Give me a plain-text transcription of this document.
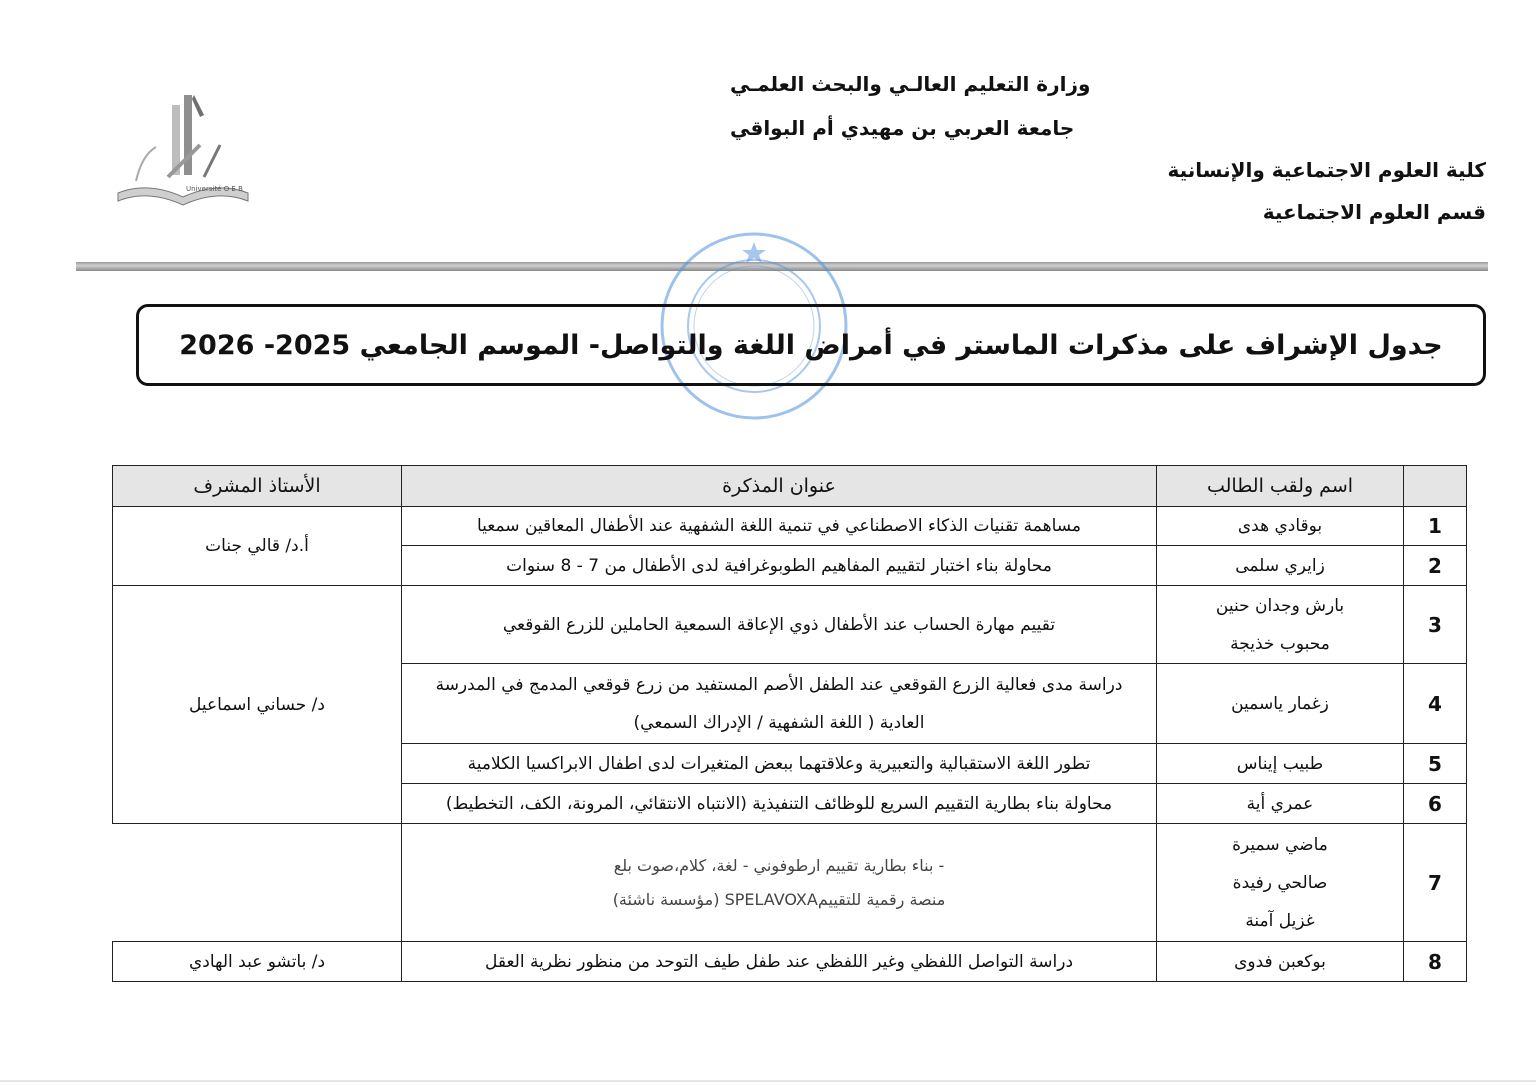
وزارة التعليم العالـي والبحث العلمـي
جامعة العربي بن مهيدي أم البواقي
كلية العلوم الاجتماعية والإنسانية
قسم العلوم الاجتماعية
Université O E B
جدول الإشراف على مذكرات الماستر في أمراض اللغة والتواصل- الموسم الجامعي 2025- 2026
	اسم ولقب الطالب	عنوان المذكرة	الأستاذ المشرف
1	بوقادي هدى	مساهمة تقنيات الذكاء الاصطناعي في تنمية اللغة الشفهية عند الأطفال المعاقين سمعيا	أ.د/ قالي جنات
2	زايري سلمى	محاولة بناء اختبار لتقييم المفاهيم الطوبوغرافية لدى الأطفال من 7 - 8 سنوات	

3	بارش وجدان حنين
محبوب خذيجة	تقييم مهارة الحساب عند الأطفال ذوي الإعاقة السمعية الحاملين للزرع القوقعي	د/ حساني اسماعيل
4	زغمار ياسمين	دراسة مدى فعالية الزرع القوقعي عند الطفل الأصم المستفيد من زرع قوقعي المدمج في المدرسة
العادية ( اللغة الشفهية / الإدراك السمعي)	

5	طبيب إيناس	تطور اللغة الاستقبالية والتعبيرية وعلاقتهما ببعض المتغيرات لدى اطفال الابراكسيا الكلامية	

6	عمري أية	محاولة بناء بطارية التقييم السريع للوظائف التنفيذية (الانتباه الانتقائي، المرونة، الكف، التخطيط)	

7	ماضي سميرة
صالحي رفيدة
غزيل آمنة	- بناء بطارية تقييم ارطوفوني - لغة، كلام،صوت بلع
منصة رقمية للتقييمSPELAVOXA (مؤسسة ناشئة)	

8	بوكعبن فدوى	دراسة التواصل اللفظي وغير اللفظي عند طفل طيف التوحد من منظور نظرية العقل	د/ باتشو عبد الهادي
